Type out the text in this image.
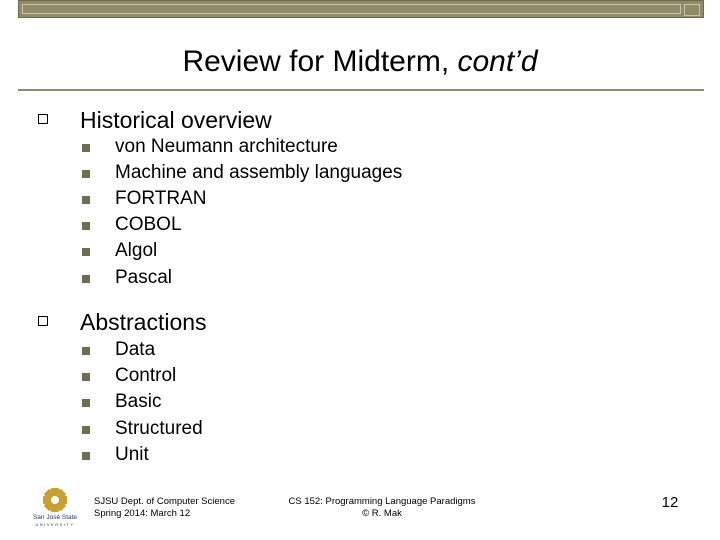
Review for Midterm, cont’d
Historical overview
von Neumann architecture
Machine and assembly languages
FORTRAN
COBOL
Algol
Pascal
Abstractions
Data
Control
Basic
Structured
Unit
San José State
UNIVERSITY
SJSU Dept. of Computer Science
Spring 2014: March 12
CS 152: Programming Language Paradigms
© R. Mak
12
